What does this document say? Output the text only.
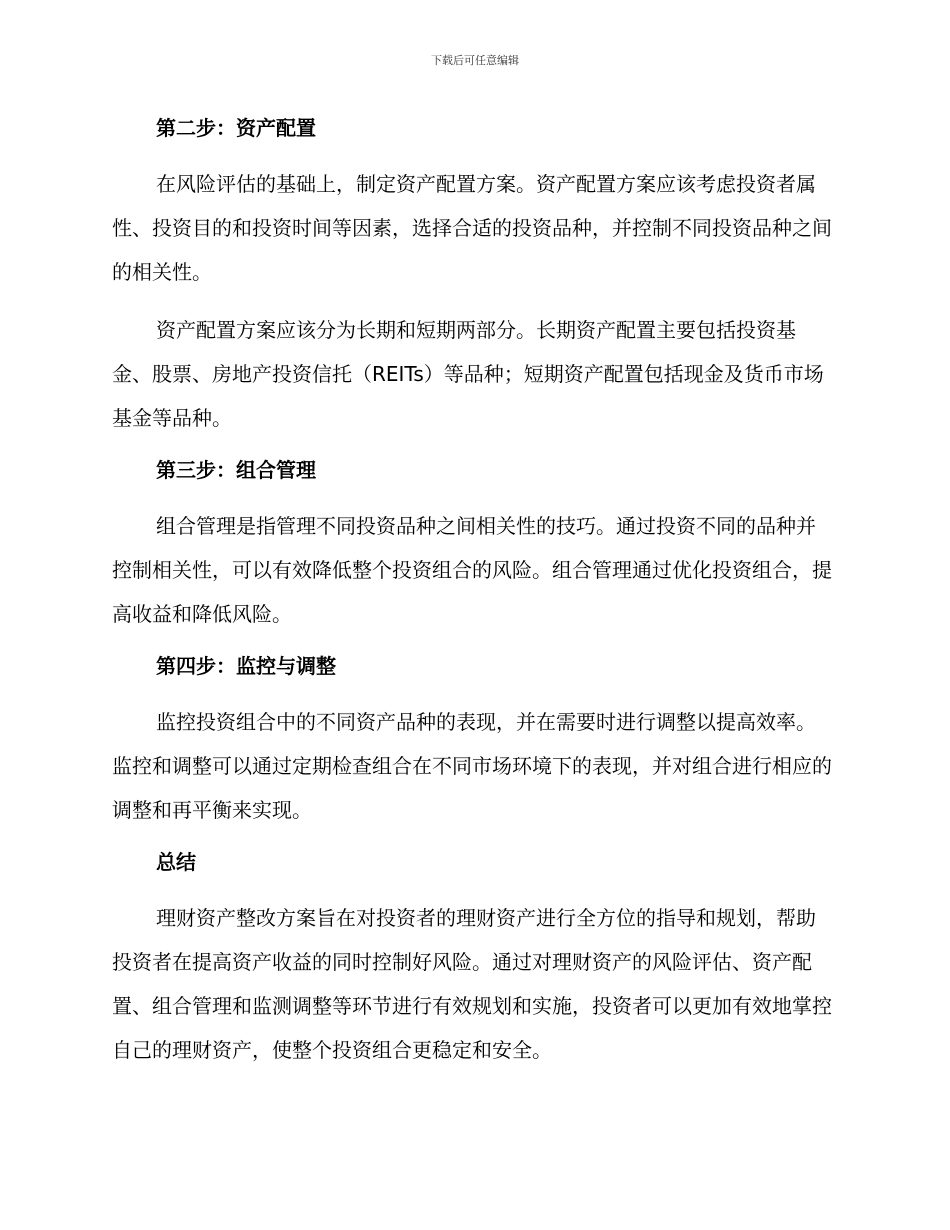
下载后可任意编辑
第二步：资产配置

在风险评估的基础上，制定资产配置方案。资产配置方案应该考虑投资者属性、投资目的和投资时间等因素，选择合适的投资品种，并控制不同投资品种之间的相关性。

资产配置方案应该分为长期和短期两部分。长期资产配置主要包括投资基金、股票、房地产投资信托（REITs）等品种；短期资产配置包括现金及货币市场基金等品种。

第三步：组合管理

组合管理是指管理不同投资品种之间相关性的技巧。通过投资不同的品种并控制相关性，可以有效降低整个投资组合的风险。组合管理通过优化投资组合，提高收益和降低风险。

第四步：监控与调整

监控投资组合中的不同资产品种的表现，并在需要时进行调整以提高效率。监控和调整可以通过定期检查组合在不同市场环境下的表现，并对组合进行相应的调整和再平衡来实现。

总结

理财资产整改方案旨在对投资者的理财资产进行全方位的指导和规划，帮助投资者在提高资产收益的同时控制好风险。通过对理财资产的风险评估、资产配置、组合管理和监测调整等环节进行有效规划和实施，投资者可以更加有效地掌控自己的理财资产，使整个投资组合更稳定和安全。
